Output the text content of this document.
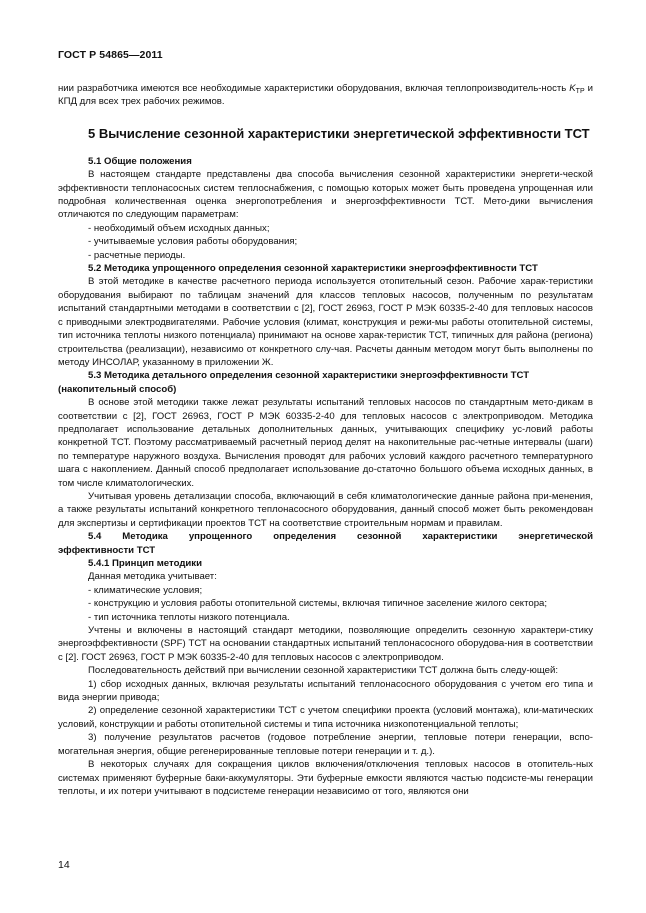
ГОСТ Р 54865—2011

нии разработчика имеются все необходимые характеристики оборудования, включая теплопроизводитель-ность $K_{ТР}$ и КПД для всех трех рабочих режимов.

5 Вычисление сезонной характеристики энергетической эффективности ТСТ

5.1 Общие положения

В настоящем стандарте представлены два способа вычисления сезонной характеристики энергети-ческой эффективности теплонасосных систем теплоснабжения, с помощью которых может быть проведена упрощенная или подробная количественная оценка энергопотребления и энергоэффективности ТСТ. Мето-дики вычисления отличаются по следующим параметрам:

- необходимый объем исходных данных;

- учитываемые условия работы оборудования;

- расчетные периоды.

5.2 Методика упрощенного определения сезонной характеристики энергоэффективности ТСТ

В этой методике в качестве расчетного периода используется отопительный сезон. Рабочие харак-теристики оборудования выбирают по таблицам значений для классов тепловых насосов, полученным по результатам испытаний стандартными методами в соответствии с [2], ГОСТ 26963, ГОСТ Р МЭК 60335-2-40 для тепловых насосов с приводными электродвигателями. Рабочие условия (климат, конструкция и режи-мы работы отопительной системы, тип источника теплоты низкого потенциала) принимают на основе харак-теристик ТСТ, типичных для района (региона) строительства (реализации), независимо от конкретного слу-чая. Расчеты данным методом могут быть выполнены по методу ИНСОЛАР, указанному в приложении Ж.

5.3 Методика детального определения сезонной характеристики энергоэффективности ТСТ

(накопительный способ)

В основе этой методики также лежат результаты испытаний тепловых насосов по стандартным мето-дикам в соответствии с [2], ГОСТ 26963, ГОСТ Р МЭК 60335-2-40 для тепловых насосов с электроприводом. Методика предполагает использование детальных дополнительных данных, учитывающих специфику ус-ловий работы конкретной ТСТ. Поэтому рассматриваемый расчетный период делят на накопительные рас-четные интервалы (шаги) по температуре наружного воздуха. Вычисления проводят для рабочих условий каждого расчетного температурного шага с накоплением. Данный способ предполагает использование до-статочно большого объема исходных данных, в том числе климатологических.

Учитывая уровень детализации способа, включающий в себя климатологические данные района при-менения, а также результаты испытаний конкретного теплонасосного оборудования, данный способ может быть рекомендован для экспертизы и сертификации проектов ТСТ на соответствие строительным нормам и правилам.

5.4 Методика упрощенного определения сезонной характеристики энергетической

эффективности ТСТ

5.4.1 Принцип методики

Данная методика учитывает:

- климатические условия;

- конструкцию и условия работы отопительной системы, включая типичное заселение жилого сектора;

- тип источника теплоты низкого потенциала.

Учтены и включены в настоящий стандарт методики, позволяющие определить сезонную характери-стику энергоэффективности (SPF) ТСТ на основании стандартных испытаний теплонасосного оборудова-ния в соответствии с [2]. ГОСТ 26963, ГОСТ Р МЭК 60335-2-40 для тепловых насосов с электроприводом.

Последовательность действий при вычислении сезонной характеристики ТСТ должна быть следу-ющей:

1) сбор исходных данных, включая результаты испытаний теплонасосного оборудования с учетом его типа и вида энергии привода;

2) определение сезонной характеристики ТСТ с учетом специфики проекта (условий монтажа), кли-матических условий, конструкции и работы отопительной системы и типа источника низкопотенциальной теплоты;

3) получение результатов расчетов (годовое потребление энергии, тепловые потери генерации, вспо-могательная энергия, общие регенерированные тепловые потери генерации и т. д.).

В некоторых случаях для сокращения циклов включения/отключения тепловых насосов в отопитель-ных системах применяют буферные баки-аккумуляторы. Эти буферные емкости являются частью подсисте-мы генерации теплоты, и их потери учитывают в подсистеме генерации независимо от того, являются они

14
